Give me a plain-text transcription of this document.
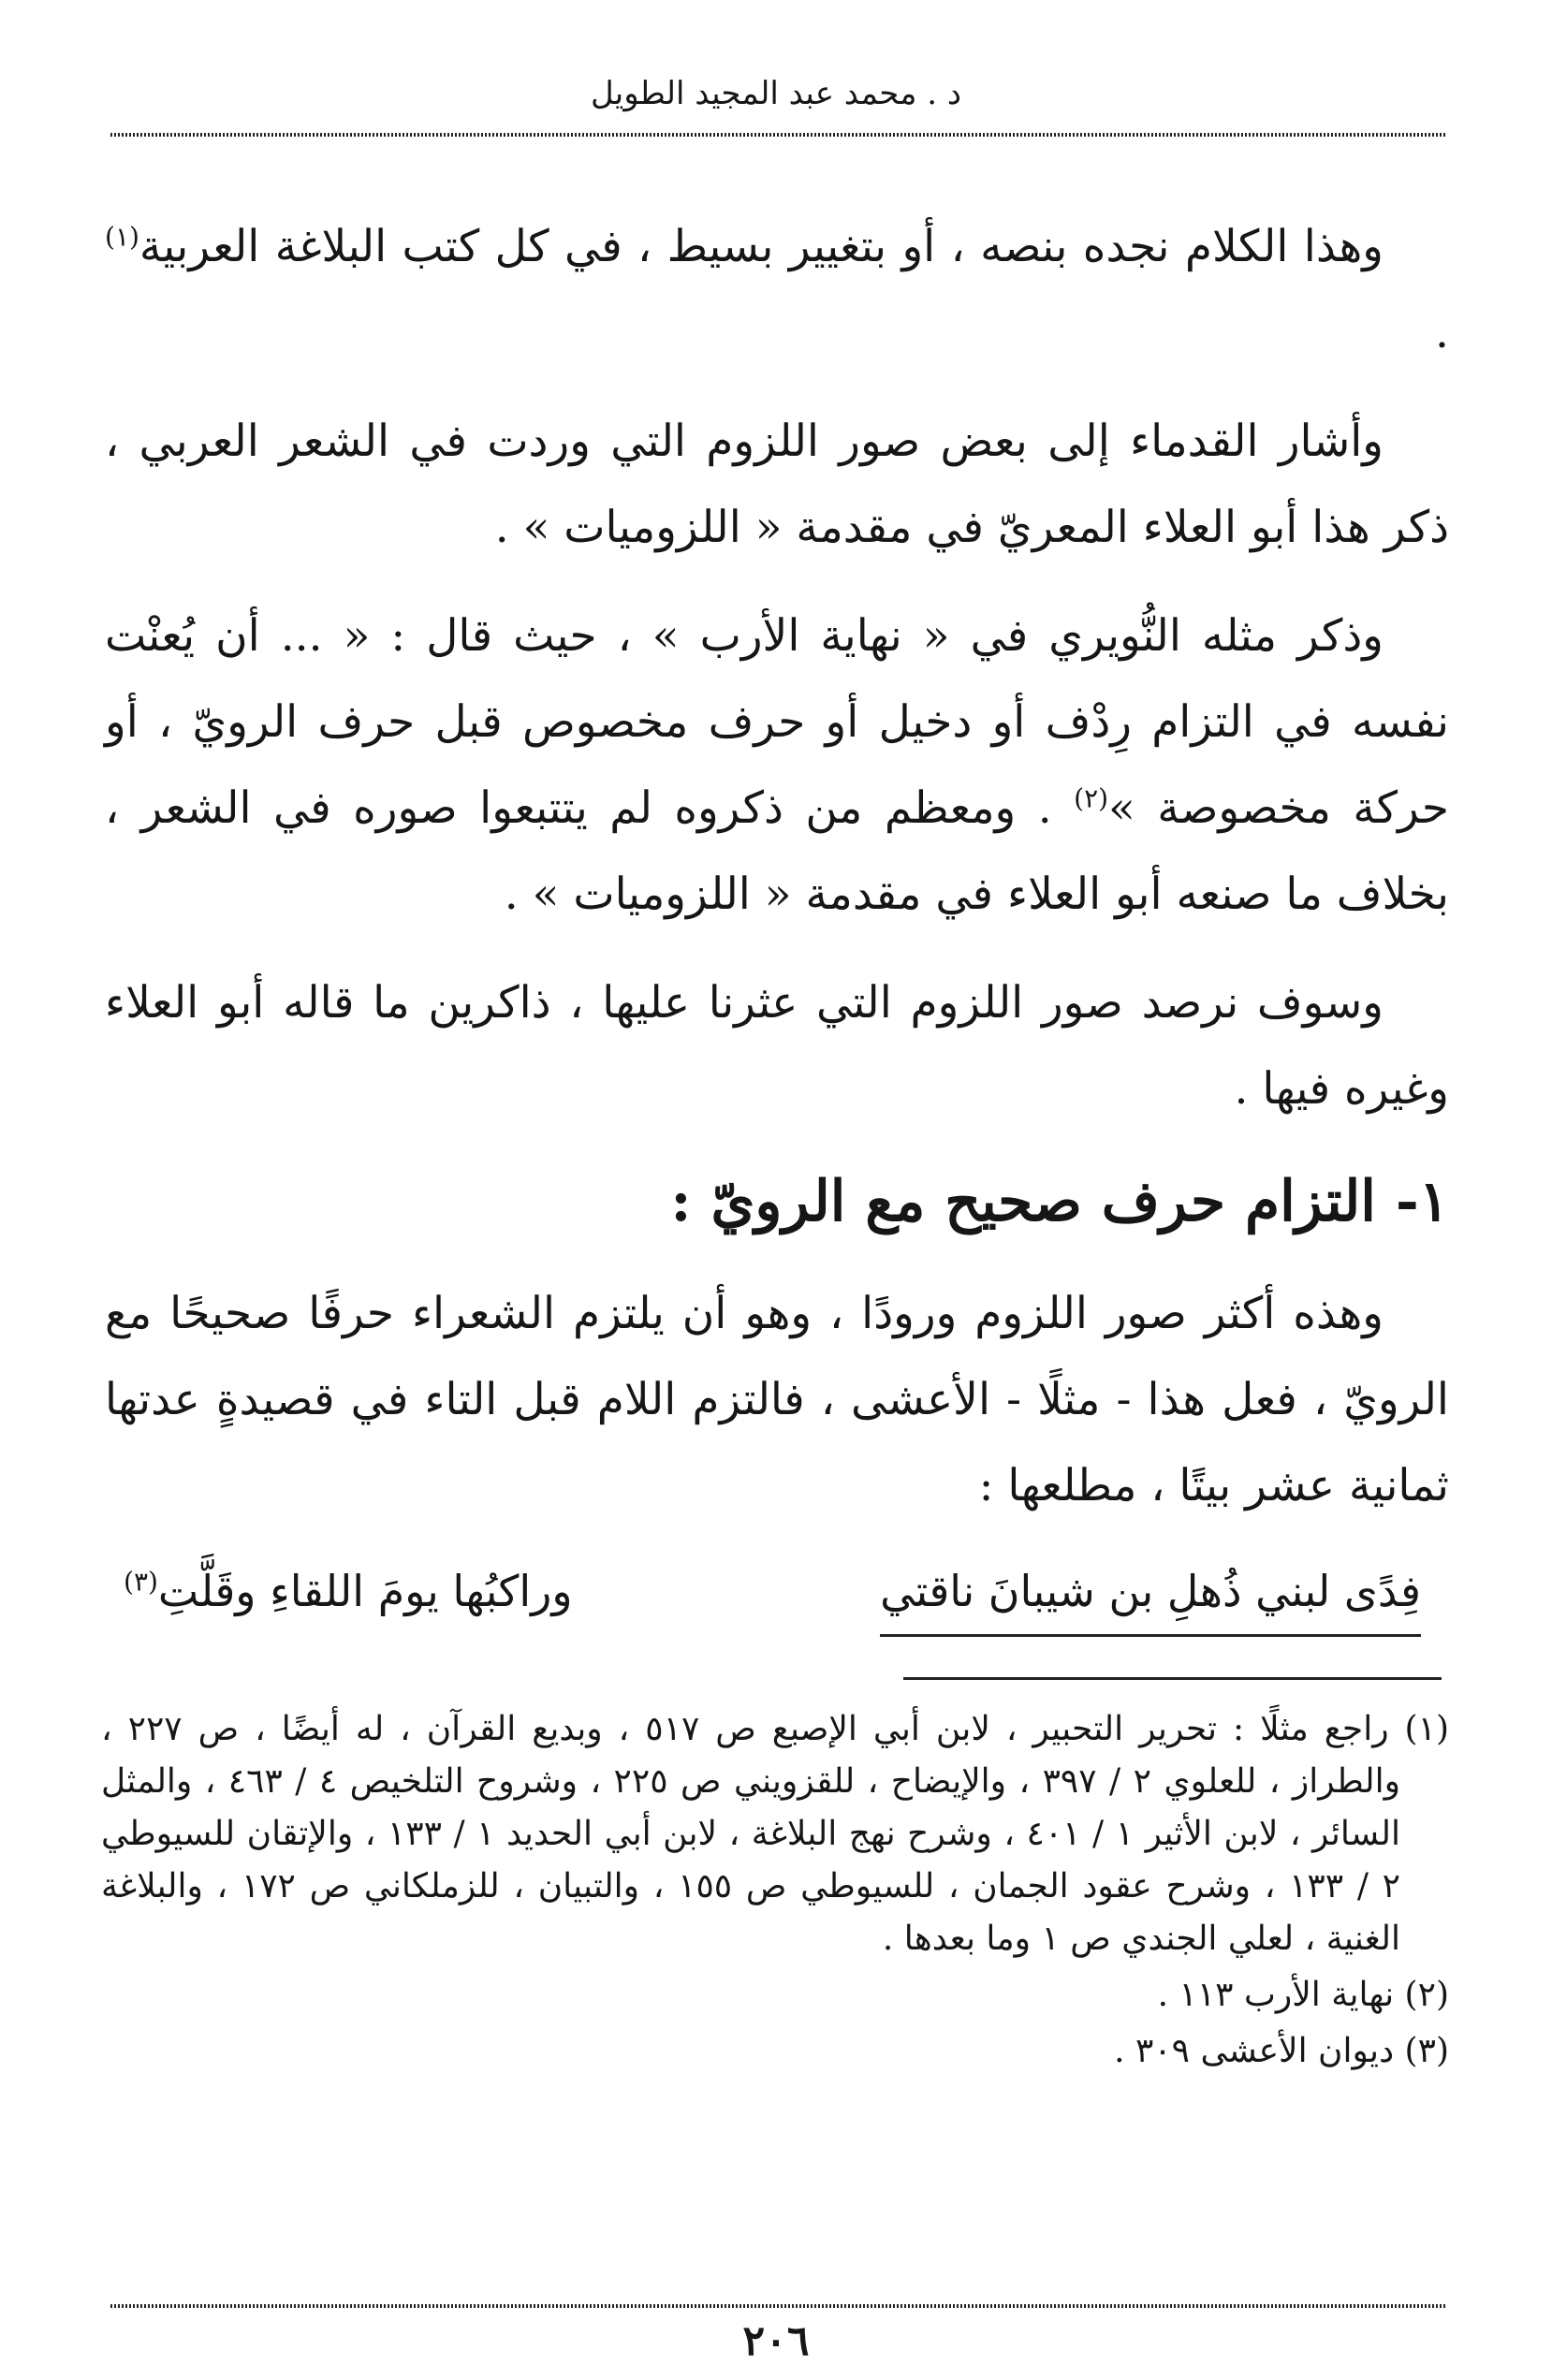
د . محمد عبد المجيد الطويل

وهذا الكلام نجده بنصه ، أو بتغيير بسيط ، في كل كتب البلاغة العربية$^{(١)}$ .

وأشار القدماء إلى بعض صور اللزوم التي وردت في الشعر العربي ، ذكر هذا أبو العلاء المعريّ في مقدمة « اللزوميات » .

وذكر مثله النُّويري في « نهاية الأرب » ، حيث قال : « ... أن يُعنْت نفسه في التزام رِدْف أو دخيل أو حرف مخصوص قبل حرف الرويّ ، أو حركة مخصوصة »$^{(٢)}$ . ومعظم من ذكروه لم يتتبعوا صوره في الشعر ، بخلاف ما صنعه أبو العلاء في مقدمة « اللزوميات » .

وسوف نرصد صور اللزوم التي عثرنا عليها ، ذاكرين ما قاله أبو العلاء وغيره فيها .

١- التزام حرف صحيح مع الرويّ :

وهذه أكثر صور اللزوم ورودًا ، وهو أن يلتزم الشعراء حرفًا صحيحًا مع الرويّ ، فعل هذا - مثلًا - الأعشى ، فالتزم اللام قبل التاء في قصيدةٍ عدتها ثمانية عشر بيتًا ، مطلعها :

فِدًى لبني ذُهلِ بن شيبانَ ناقتي
وراكبُها يومَ اللقاءِ وقَلَّتِ$^{(٣)}$

(١) راجع مثلًا : تحرير التحبير ، لابن أبي الإصبع ص ٥١٧ ، وبديع القرآن ، له أيضًا ، ص ٢٢٧ ، والطراز ، للعلوي ٢ / ٣٩٧ ، والإيضاح ، للقزويني ص ٢٢٥ ، وشروح التلخيص ٤ / ٤٦٣ ، والمثل السائر ، لابن الأثير ١ / ٤٠١ ، وشرح نهج البلاغة ، لابن أبي الحديد ١ / ١٣٣ ، والإتقان للسيوطي ٢ / ١٣٣ ، وشرح عقود الجمان ، للسيوطي ص ١٥٥ ، والتبيان ، للزملكاني ص ١٧٢ ، والبلاغة الغنية ، لعلي الجندي ص ١ وما بعدها .

(٢) نهاية الأرب ١١٣ .

(٣) ديوان الأعشى ٣٠٩ .

٢٠٦
